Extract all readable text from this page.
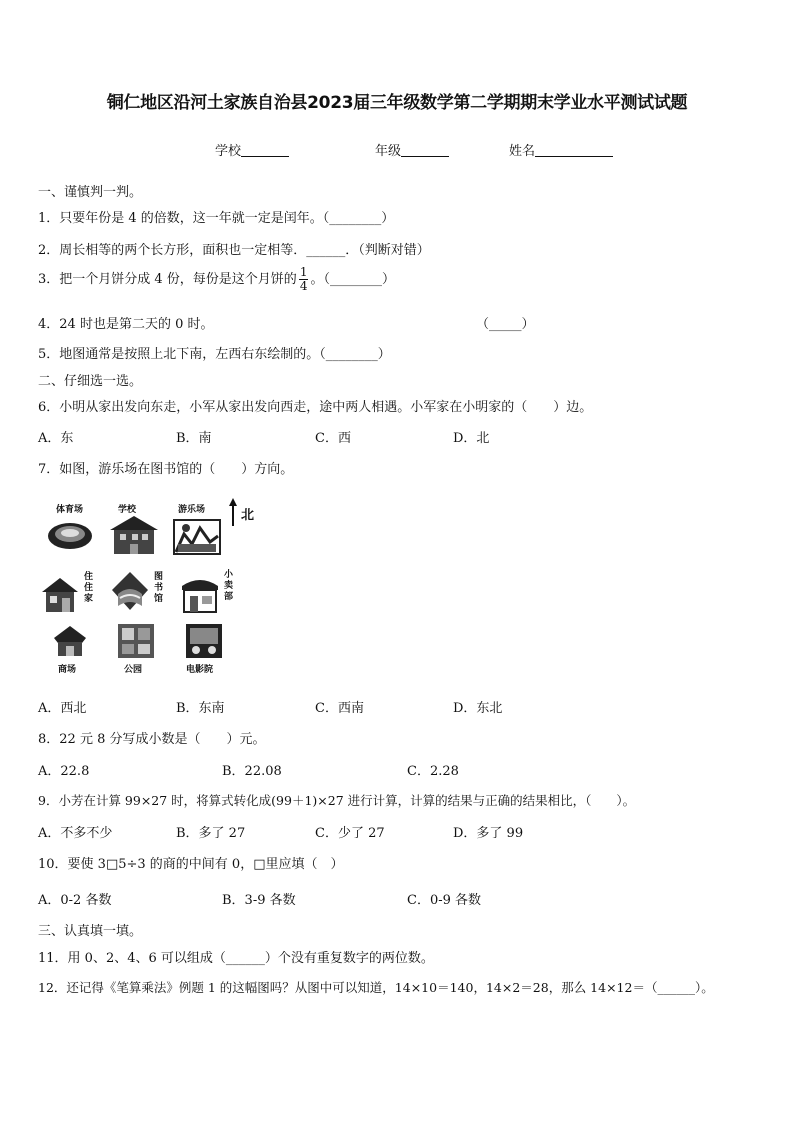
铜仁地区沿河土家族自治县2023届三年级数学第二学期期末学业水平测试试题
学校	年级	姓名
一、谨慎判一判。
1．只要年份是 4 的倍数，这一年就一定是闰年。（________）
2．周长相等的两个长方形，面积也一定相等．______．（判断对错）
3．把一个月饼分成 4 份，每份是这个月饼的 $\frac{1}{4}$ 。（________）
4．24 时也是第二天的 0 时。	（_____）
5．地图通常是按照上北下南，左西右东绘制的。（________）
二、仔细选一选。
6．小明从家出发向东走，小军从家出发向西走，途中两人相遇。小军家在小明家的（　　）边。
A．东	B．南	C．西	D．北
7．如图，游乐场在图书馆的（　　）方向。
体育场	学校	游乐场	北
住
住
家
图
书
馆
小
卖
部
商场	公园	电影院
A．西北	B．东南	C．西南	D．东北
8．22 元 8 分写成小数是（　　）元。
A．22.8	B．22.08	C．2.28
9．小芳在计算 99×27 时，将算式转化成(99＋1)×27 进行计算，计算的结果与正确的结果相比，（　　）。
A．不多不少	B．多了 27	C．少了 27	D．多了 99
10．要使 3□5÷3 的商的中间有 0，□里应填（　）
A．0-2 各数	B．3-9 各数	C．0-9 各数
三、认真填一填。
11．用 0、2、4、6 可以组成（______）个没有重复数字的两位数。
12．还记得《笔算乘法》例题 1 的这幅图吗？从图中可以知道，14×10＝140，14×2＝28，那么 14×12＝（______）。
